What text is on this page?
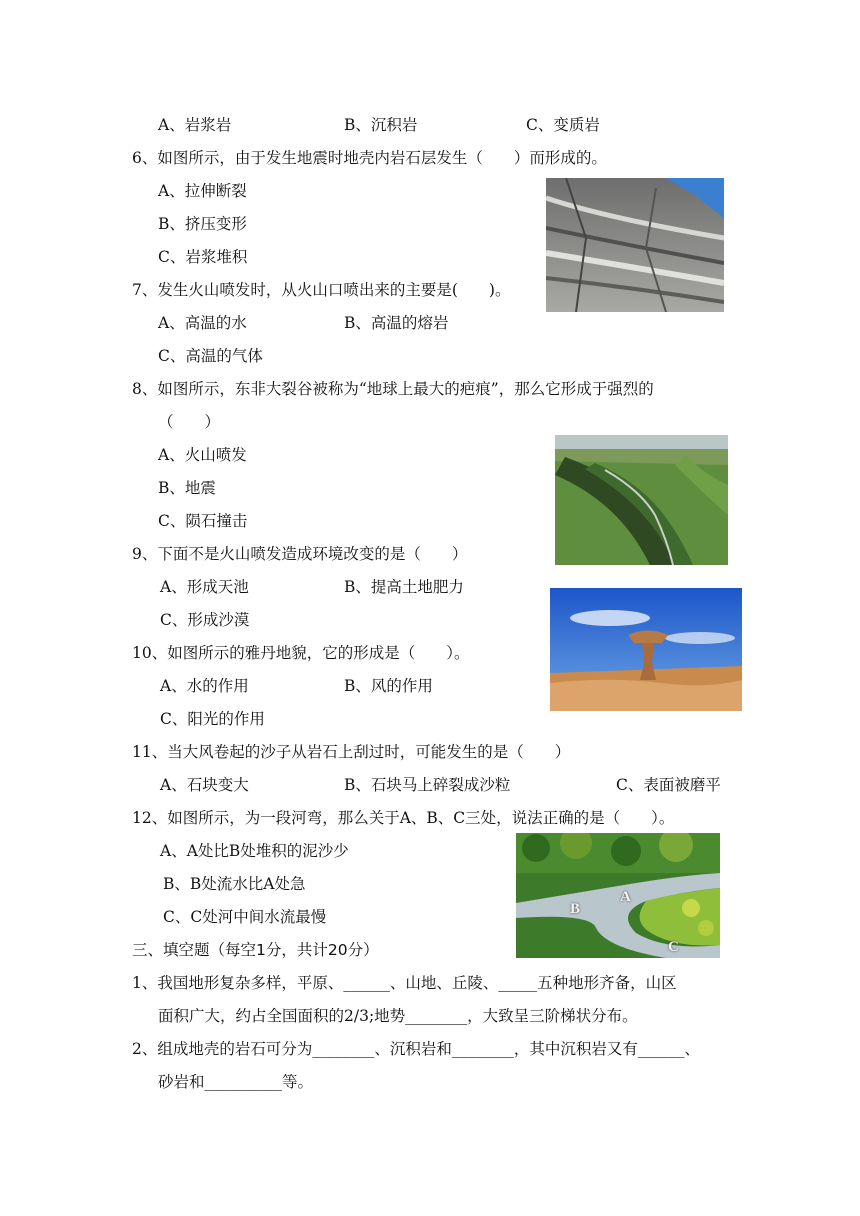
A、岩浆岩	B、沉积岩	C、变质岩
6、如图所示，由于发生地震时地壳内岩石层发生（　　）而形成的。
A、拉伸断裂
B、挤压变形
C、岩浆堆积
7、发生火山喷发时，从火山口喷出来的主要是(　　)。
A、高温的水	B、高温的熔岩
C、高温的气体
8、如图所示，东非大裂谷被称为“地球上最大的疤痕”，那么它形成于强烈的
（　　）
A、火山喷发
B、地震
C、陨石撞击
9、下面不是火山喷发造成环境改变的是（　　）
A、形成天池	B、提高土地肥力
C、形成沙漠
10、如图所示的雅丹地貌，它的形成是（　　）。
A、水的作用	B、风的作用
C、阳光的作用
11、当大风卷起的沙子从岩石上刮过时，可能发生的是（　　）
A、石块变大	B、石块马上碎裂成沙粒	C、表面被磨平
12、如图所示，为一段河弯，那么关于A、B、C三处，说法正确的是（　　）。
A、A处比B处堆积的泥沙少
B、B处流水比A处急
C、C处河中间水流最慢	B
A
C
三、填空题（每空1分，共计20分）
1、我国地形复杂多样，平原、______、山地、丘陵、_____五种地形齐备，山区
面积广大，约占全国面积的2/3;地势________，大致呈三阶梯状分布。
2、组成地壳的岩石可分为________、沉积岩和________，其中沉积岩又有______、
砂岩和__________等。
